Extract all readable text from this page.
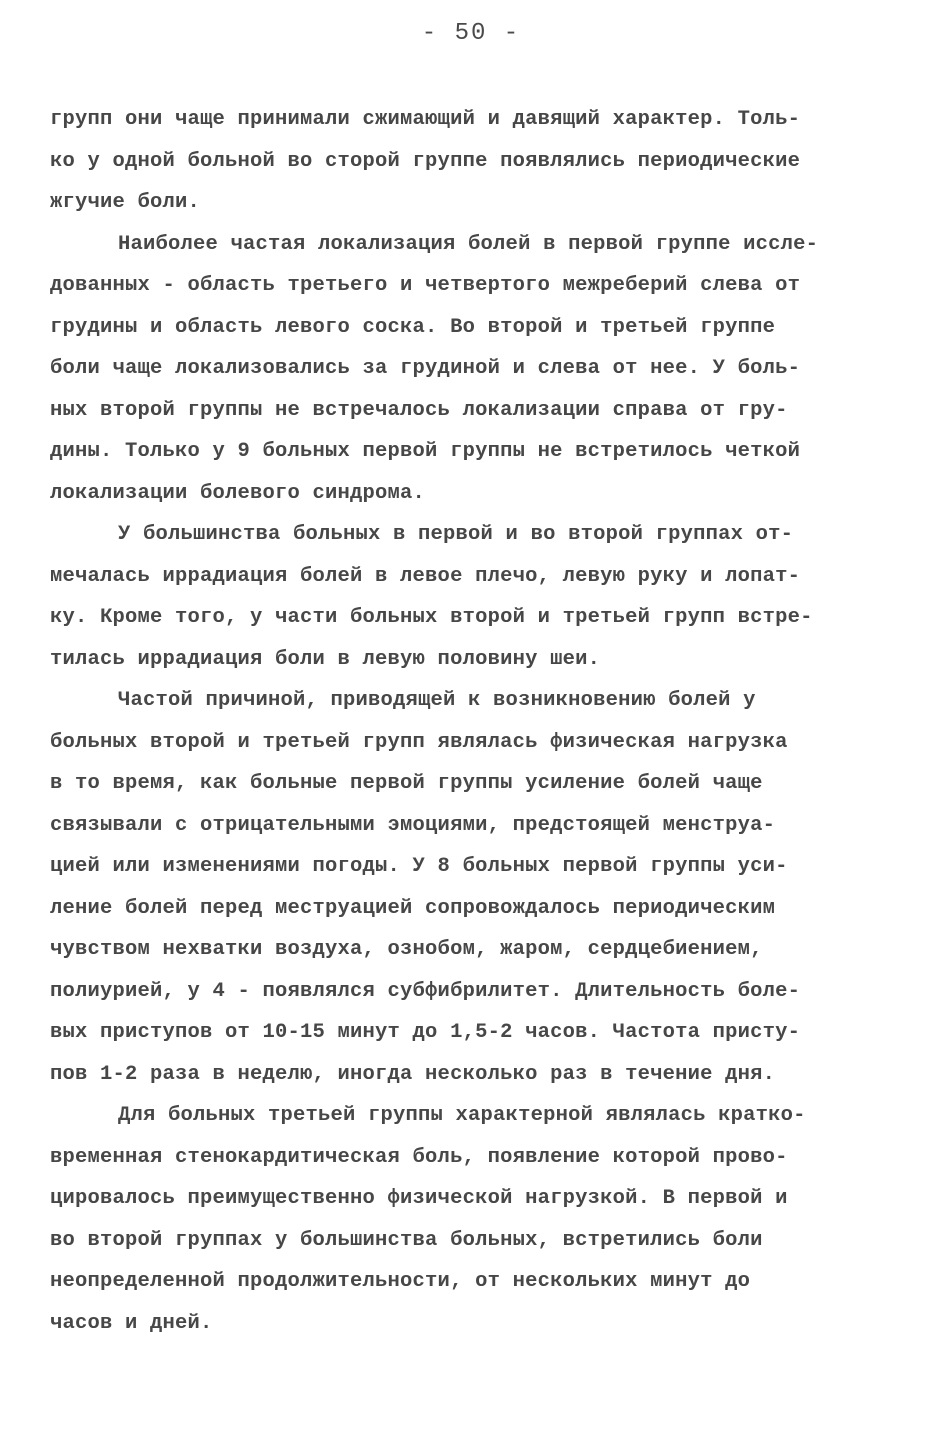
- 50 -
групп они чаще принимали сжимающий и давящий характер. Толь-
ко у одной больной во сторой группе появлялись периодические
жгучие боли.
Наиболее частая локализация болей в первой группе иссле-
дованных - область третьего и четвертого межреберий слева от
грудины и область левого соска. Во второй и третьей группе
боли чаще локализовались за грудиной и слева от нее. У боль-
ных второй группы не встречалось локализации справа от гру-
дины. Только у 9 больных первой группы не встретилось четкой
локализации болевого синдрома.
У большинства больных в первой и во второй группах от-
мечалась иррадиация болей в левое плечо, левую руку и лопат-
ку. Кроме того, у части больных второй и третьей групп встре-
тилась иррадиация боли в левую половину шеи.
Частой причиной, приводящей к возникновению болей у
больных второй и третьей групп являлась физическая нагрузка
в то время, как больные первой группы усиление болей чаще
связывали с отрицательными эмоциями, предстоящей менструа-
цией или изменениями погоды. У 8 больных первой группы уси-
ление болей перед меструацией сопровождалось периодическим
чувством нехватки воздуха, ознобом, жаром, сердцебиением,
полиурией, у 4 - появлялся субфибрилитет. Длительность боле-
вых приступов от 10-15 минут до 1,5-2 часов. Частота присту-
пов 1-2 раза в неделю, иногда несколько раз в течение дня.
Для больных третьей группы характерной являлась кратко-
временная стенокардитическая боль, появление которой прово-
цировалось преимущественно физической нагрузкой. В первой и
во второй группах у большинства больных, встретились боли
неопределенной продолжительности, от нескольких минут до
часов и дней.
